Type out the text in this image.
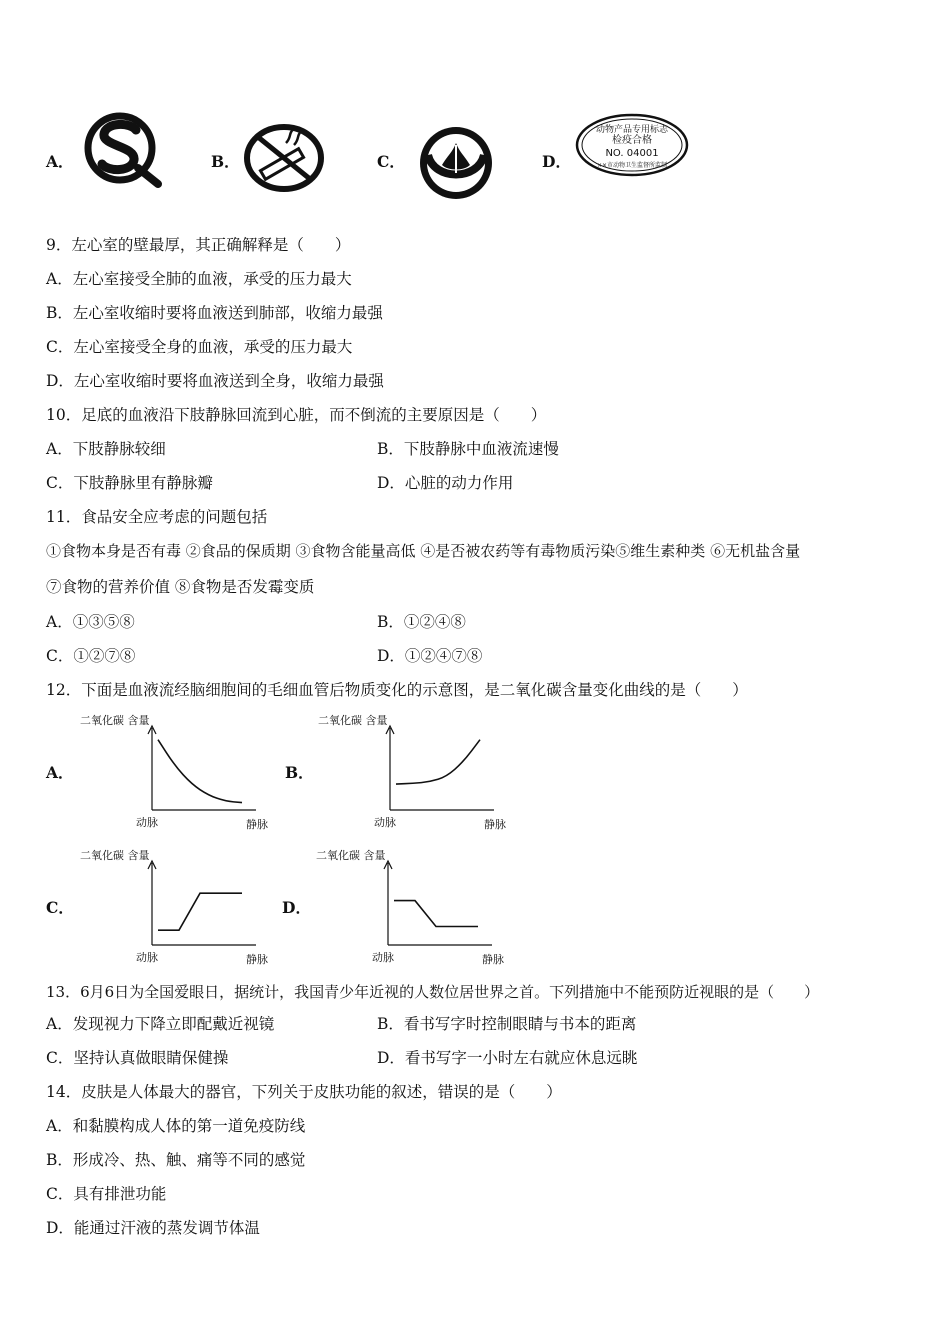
A．	B．	C．	D．
动物产品专用标志
检疫合格
NO. 04001
××市动物卫生监督所监制
9．左心室的壁最厚，其正确解释是（　　）
A．左心室接受全肺的血液，承受的压力最大
B．左心室收缩时要将血液送到肺部，收缩力最强
C．左心室接受全身的血液，承受的压力最大
D．左心室收缩时要将血液送到全身，收缩力最强
10．足底的血液沿下肢静脉回流到心脏，而不倒流的主要原因是（　　）
A．下肢静脉较细	B．下肢静脉中血液流速慢
C．下肢静脉里有静脉瓣	D．心脏的动力作用
11．食品安全应考虑的问题包括
①食物本身是否有毒 ②食品的保质期 ③食物含能量高低 ④是否被农药等有毒物质污染⑤维生素种类 ⑥无机盐含量
⑦食物的营养价值 ⑧食物是否发霉变质
A．①③⑤⑧	B．①②④⑧
C．①②⑦⑧	D．①②④⑦⑧
12．下面是血液流经脑细胞间的毛细血管后物质变化的示意图，是二氧化碳含量变化曲线的是（　　）
A．	B．
C．	D．
二氧化碳 含量
动脉	静脉
二氧化碳 含量
动脉	静脉
二氧化碳 含量
动脉	静脉
二氧化碳 含量
动脉	静脉
13．6月6日为全国爱眼日，据统计，我国青少年近视的人数位居世界之首。下列措施中不能预防近视眼的是（　　）
A．发现视力下降立即配戴近视镜	B．看书写字时控制眼睛与书本的距离
C．坚持认真做眼睛保健操	D．看书写字一小时左右就应休息远眺
14．皮肤是人体最大的器官，下列关于皮肤功能的叙述，错误的是（　　）
A．和黏膜构成人体的第一道免疫防线
B．形成冷、热、触、痛等不同的感觉
C．具有排泄功能
D．能通过汗液的蒸发调节体温
